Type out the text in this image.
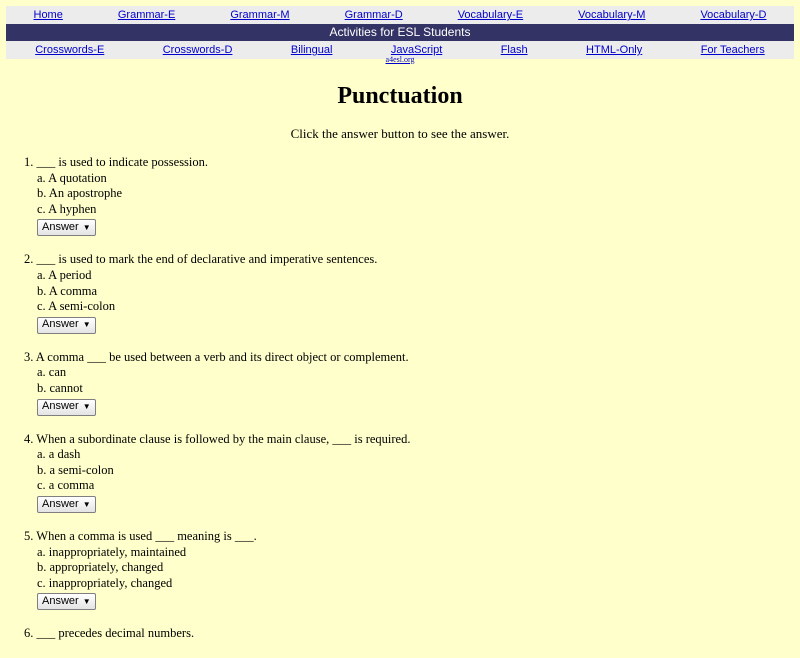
Home	Grammar-E	Grammar-M	Grammar-D	Vocabulary-E	Vocabulary-M	Vocabulary-D
Activities for ESL Students
Crosswords-E	Crosswords-D	Bilingual	JavaScript	Flash	HTML-Only	For Teachers
a4esl.org
Punctuation
Click the answer button to see the answer.
1. ___ is used to indicate possession.
a. A quotation
b. An apostrophe
c. A hyphen
Answer ▼
2. ___ is used to mark the end of declarative and imperative sentences.
a. A period
b. A comma
c. A semi-colon
Answer ▼
3. A comma ___ be used between a verb and its direct object or complement.
a. can
b. cannot
Answer ▼
4. When a subordinate clause is followed by the main clause, ___ is required.
a. a dash
b. a semi-colon
c. a comma
Answer ▼
5. When a comma is used ___ meaning is ___.
a. inappropriately, maintained
b. appropriately, changed
c. inappropriately, changed
Answer ▼
6. ___ precedes decimal numbers.
